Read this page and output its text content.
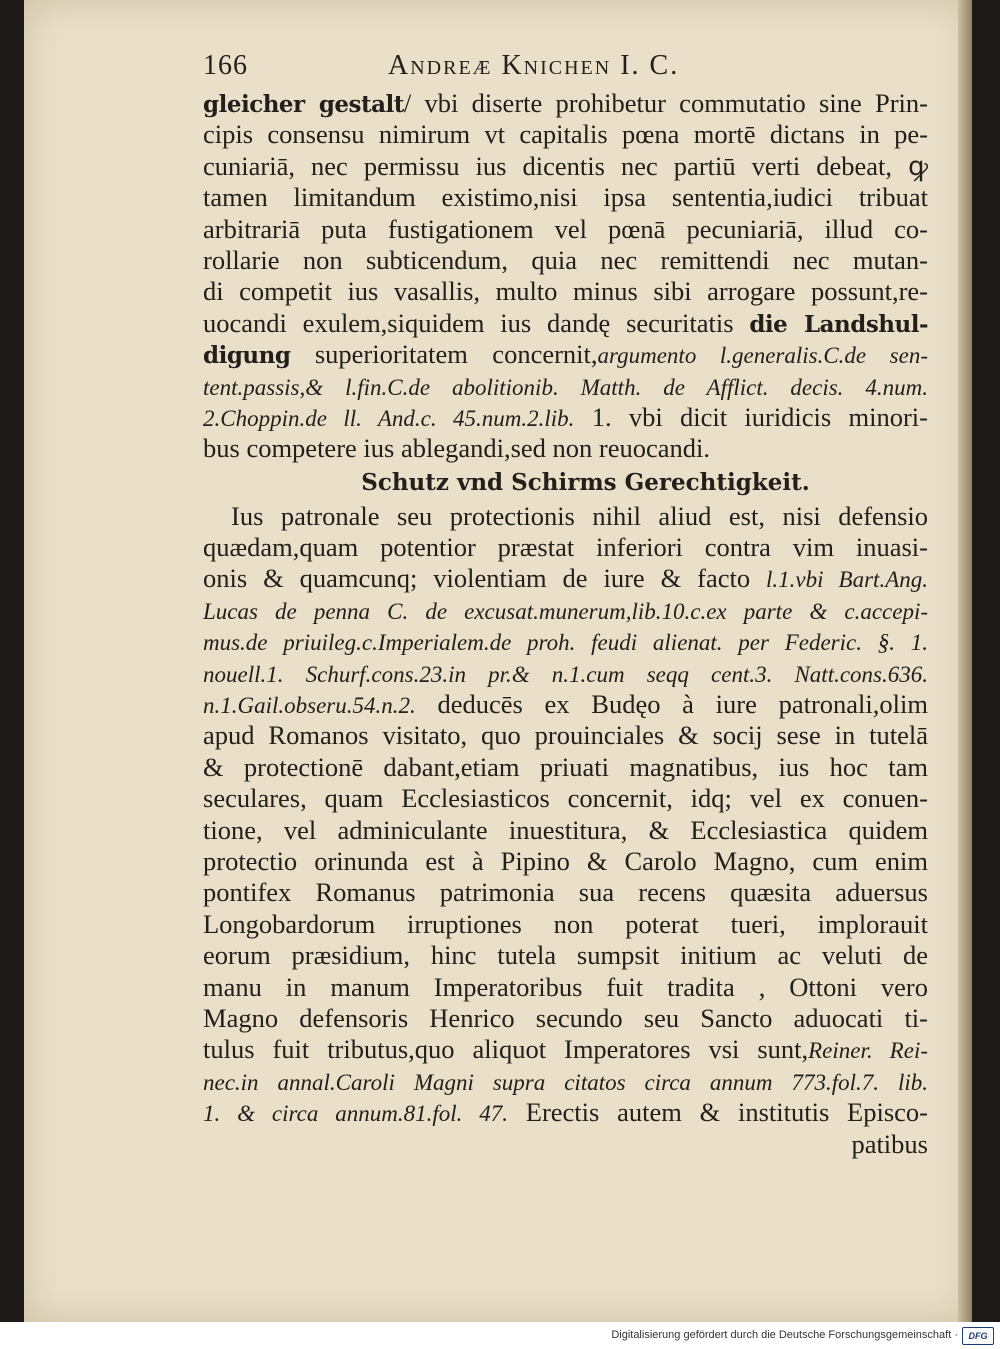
166	Andreæ Knichen I. C.
gleicher gestalt/ vbi diserte prohibetur commutatio sine Prin-
cipis consensu nimirum vt capitalis pœna mortē dictans in pe-
cuniariā, nec permissu ius dicentis nec partiū verti debeat, ꝙ
tamen limitandum existimo,nisi ipsa sententia,iudici tribuat
arbitrariā puta fustigationem vel pœnā pecuniariā, illud co-
rollarie non subticendum, quia nec remittendi nec mutan-
di competit ius vasallis, multo minus sibi arrogare possunt,re-
uocandi exulem,siquidem ius dandę securitatis die Landshul-
digung superioritatem concernit,argumento l.generalis.C.de sen-
tent.passis,& l.fin.C.de abolitionib. Matth. de Afflict. decis. 4.num.
2.Choppin.de ll. And.c. 45.num.2.lib. 1. vbi dicit iuridicis minori-
bus competere ius ablegandi,sed non reuocandi.
Schutz vnd Schirms Gerechtigkeit.
Ius patronale seu protectionis nihil aliud est, nisi defensio
quædam,quam potentior præstat inferiori contra vim inuasi-
onis & quamcunq; violentiam de iure & facto l.1.vbi Bart.Ang.
Lucas de penna C. de excusat.munerum,lib.10.c.ex parte & c.accepi-
mus.de priuileg.c.Imperialem.de proh. feudi alienat. per Federic. §. 1.
nouell.1. Schurf.cons.23.in pr.& n.1.cum seqq cent.3. Natt.cons.636.
n.1.Gail.obseru.54.n.2. deducēs ex Budęo à iure patronali,olim
apud Romanos visitato, quo prouinciales & socij sese in tutelā
& protectionē dabant,etiam priuati magnatibus, ius hoc tam
seculares, quam Ecclesiasticos concernit, idq; vel ex conuen-
tione, vel adminiculante inuestitura, & Ecclesiastica quidem
protectio orinunda est à Pipino & Carolo Magno, cum enim
pontifex Romanus patrimonia sua recens quæsita aduersus
Longobardorum irruptiones non poterat tueri, implorauit
eorum præsidium, hinc tutela sumpsit initium ac veluti de
manu in manum Imperatoribus fuit tradita , Ottoni vero
Magno defensoris Henrico secundo seu Sancto aduocati ti-
tulus fuit tributus,quo aliquot Imperatores vsi sunt,Reiner. Rei-
nec.in annal.Caroli Magni supra citatos circa annum 773.fol.7. lib.
1. & circa annum.81.fol. 47. Erectis autem & institutis Episco-
patibus
Digitalisierung gefördert durch die Deutsche Forschungsgemeinschaft ·	DFG
